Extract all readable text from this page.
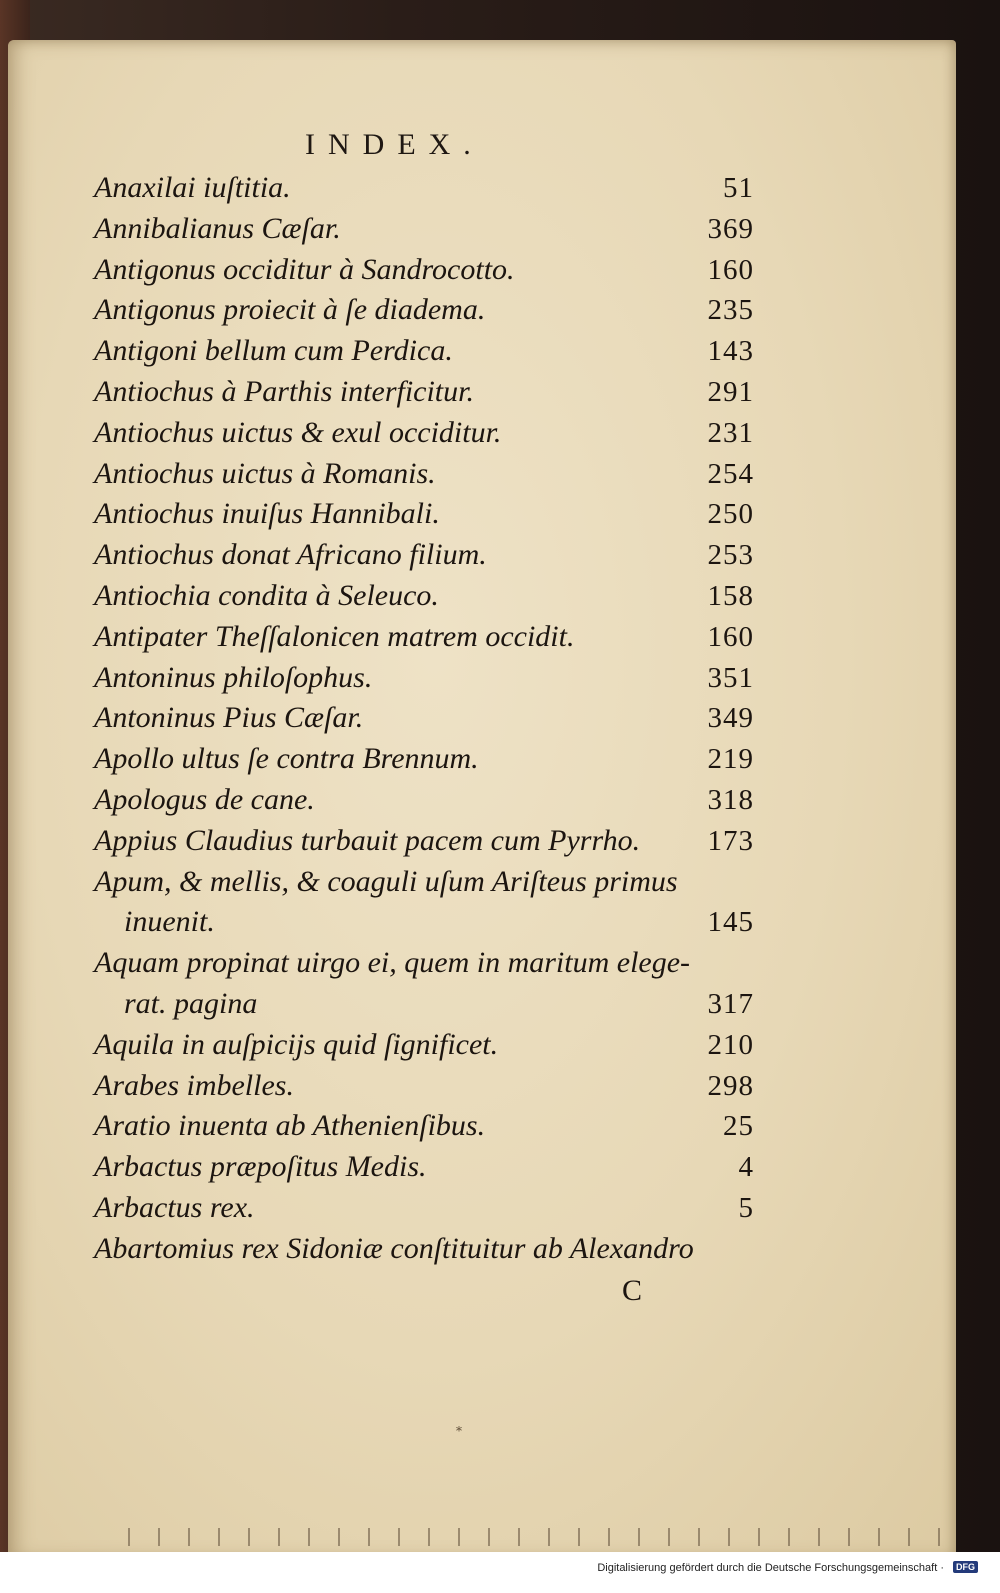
INDEX.
Anaxilai iuſtitia.	51
Annibalianus Cæſar.	369
Antigonus occiditur à Sandrocotto.	160
Antigonus proiecit à ſe diadema.	235
Antigoni bellum cum Perdica.	143
Antiochus à Parthis interficitur.	291
Antiochus uictus & exul occiditur.	231
Antiochus uictus à Romanis.	254
Antiochus inuiſus Hannibali.	250
Antiochus donat Africano filium.	253
Antiochia condita à Seleuco.	158
Antipater Theſſalonicen matrem occidit.	160
Antoninus philoſophus.	351
Antoninus Pius Cæſar.	349
Apollo ultus ſe contra Brennum.	219
Apologus de cane.	318
Appius Claudius turbauit pacem cum Pyrrho. 173
Apum, & mellis, & coaguli uſum Ariſteus primus
inuenit.	145
Aquam propinat uirgo ei, quem in maritum elege-
rat. pagina	317
Aquila in auſpicijs quid ſignificet.	210
Arabes imbelles.	298
Aratio inuenta ab Athenienſibus.	25
Arbactus præpoſitus Medis.	4
Arbactus rex.	5
Abartomius rex Sidoniæ conſtituitur ab Alexandro
C
*
Digitalisierung gefördert durch die Deutsche Forschungsgemeinschaft ·	DFG
